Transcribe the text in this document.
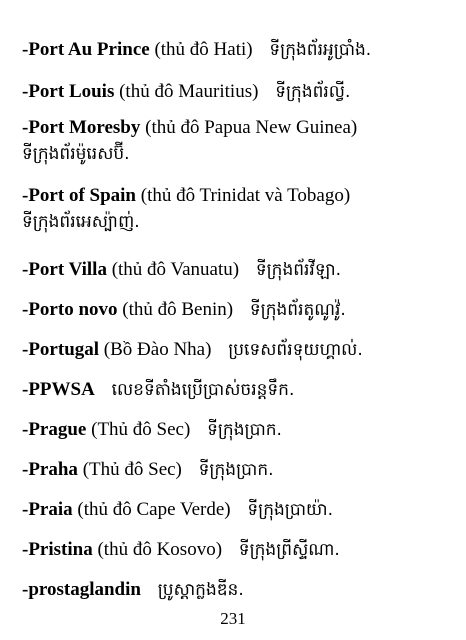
-Port Au Prince (thủ đô Hati) ទីក្រុងព័រអូប្រាំង.
-Port Louis (thủ đô Mauritius) ទីក្រុងព័រល្វី.
-Port Moresby (thủ đô Papua New Guinea)
ទីក្រុងព័រម៉ូរេសប៊ី.
-Port of Spain (thủ đô Trinidat và Tobago)
ទីក្រុងព័រអេស្ប៉ាញ់.
-Port Villa (thủ đô Vanuatu) ទីក្រុងព័រវីឡា.
-Porto novo (thủ đô Benin) ទីក្រុងព័រតូណូវ៉ូ.
-Portugal (Bồ Đào Nha) ប្រទេសព័រទុយហ្គាល់.
-PPWSA លេខទីតាំងប្រើប្រាស់ចរន្តទឹក.
-Prague (Thủ đô Sec) ទីក្រុងប្រាក.
-Praha (Thủ đô Sec) ទីក្រុងប្រាក.
-Praia (thủ đô Cape Verde) ទីក្រុងប្រាយ៉ា.
-Pristina (thủ đô Kosovo) ទីក្រុងព្រីស្ទីណា.
-prostaglandin ប្រូស្តាក្លងឌីន.
231
